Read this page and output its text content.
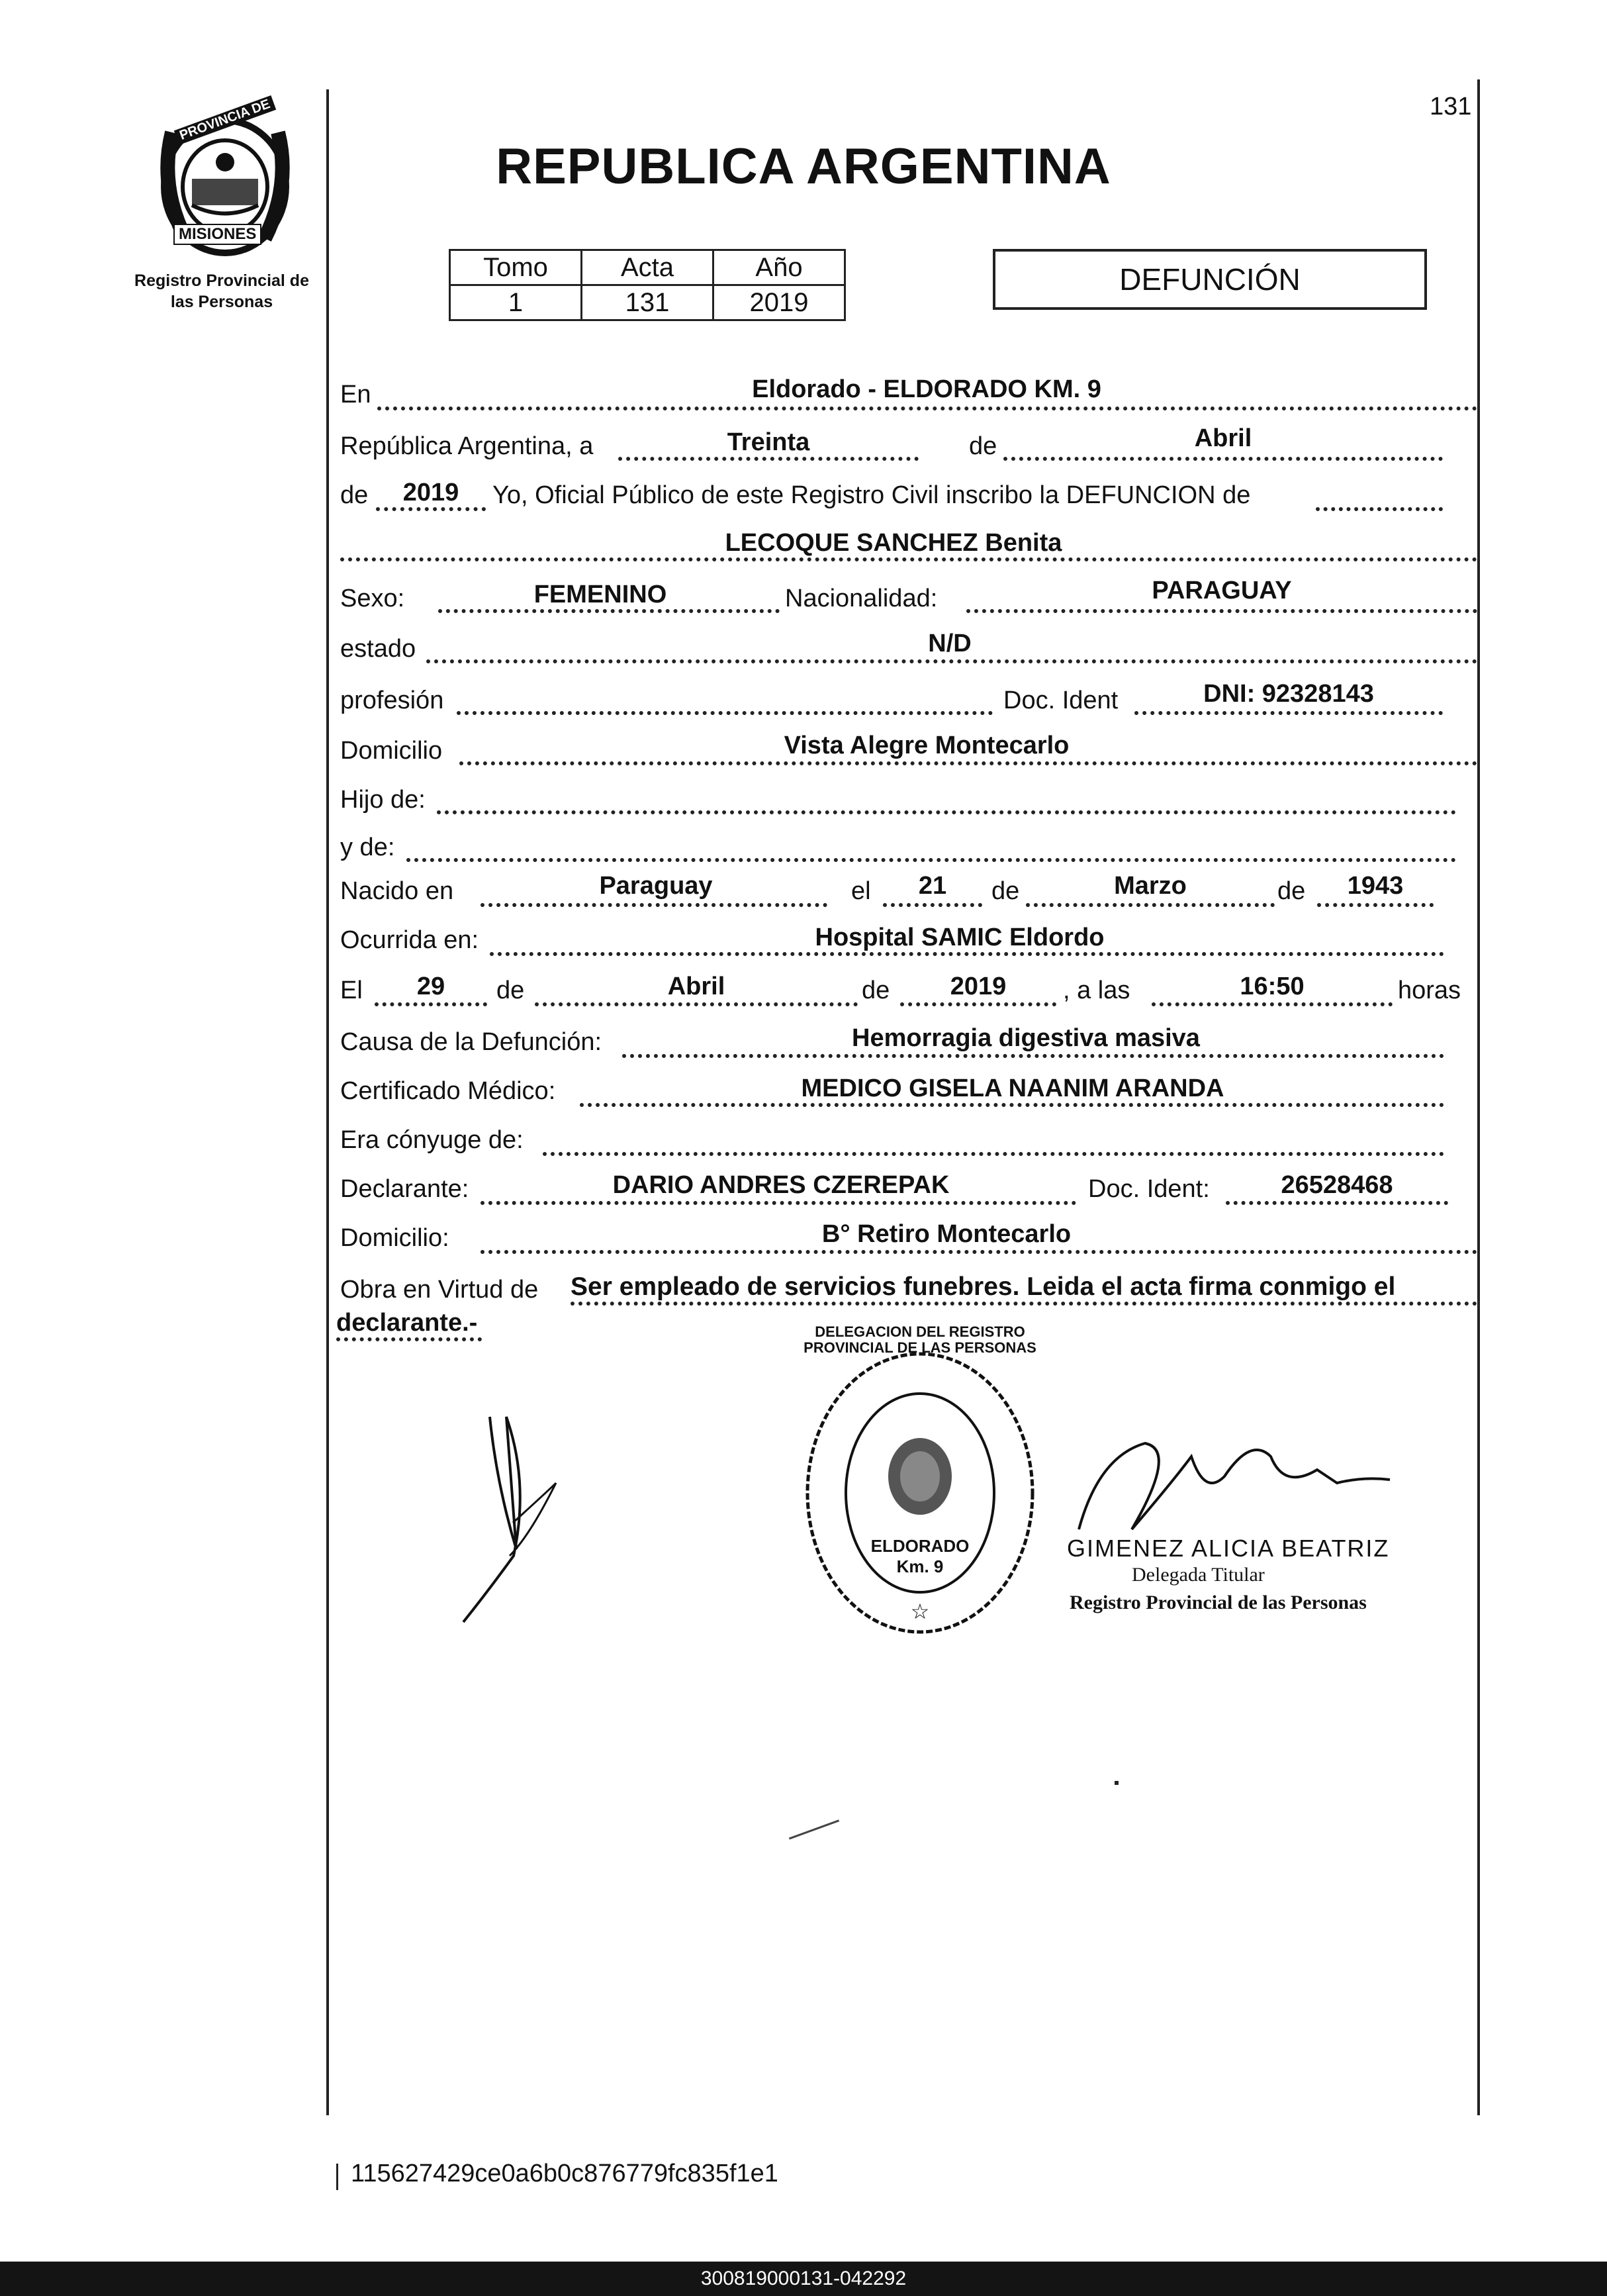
131
PROVINCIA DE
MISIONES
Registro Provincial de
las Personas
REPUBLICA ARGENTINA
Tomo	Acta	Año
1	131	2019
DEFUNCIÓN
En	Eldorado - ELDORADO KM. 9
República Argentina, a	Treinta	de	Abril
de	2019	Yo, Oficial Público de este Registro Civil inscribo la DEFUNCION de
LECOQUE SANCHEZ Benita
Sexo:	FEMENINO	Nacionalidad:	PARAGUAY
estado	N/D
profesión	Doc. Ident	DNI: 92328143
Domicilio	Vista Alegre Montecarlo
Hijo de:
y de:
Nacido en	Paraguay	el	21	de	Marzo	de	1943
Ocurrida en:	Hospital SAMIC Eldordo
El	29	de	Abril	de	2019	, a las	16:50	horas
Causa de la Defunción:	Hemorragia digestiva masiva
Certificado Médico:	MEDICO GISELA NAANIM ARANDA
Era cónyuge de:
Declarante:	DARIO ANDRES CZEREPAK	Doc. Ident:	26528468
Domicilio:	B° Retiro Montecarlo
Obra en Virtud de Ser empleado de servicios funebres. Leida el acta firma conmigo el
declarante.-
☆
DELEGACION DEL REGISTRO PROVINCIAL DE LAS PERSONAS
ELDORADO Km. 9
GIMENEZ ALICIA BEATRIZ
Delegada Titular
Registro Provincial de las Personas
115627429ce0a6b0c876779fc835f1e1
300819000131-042292
